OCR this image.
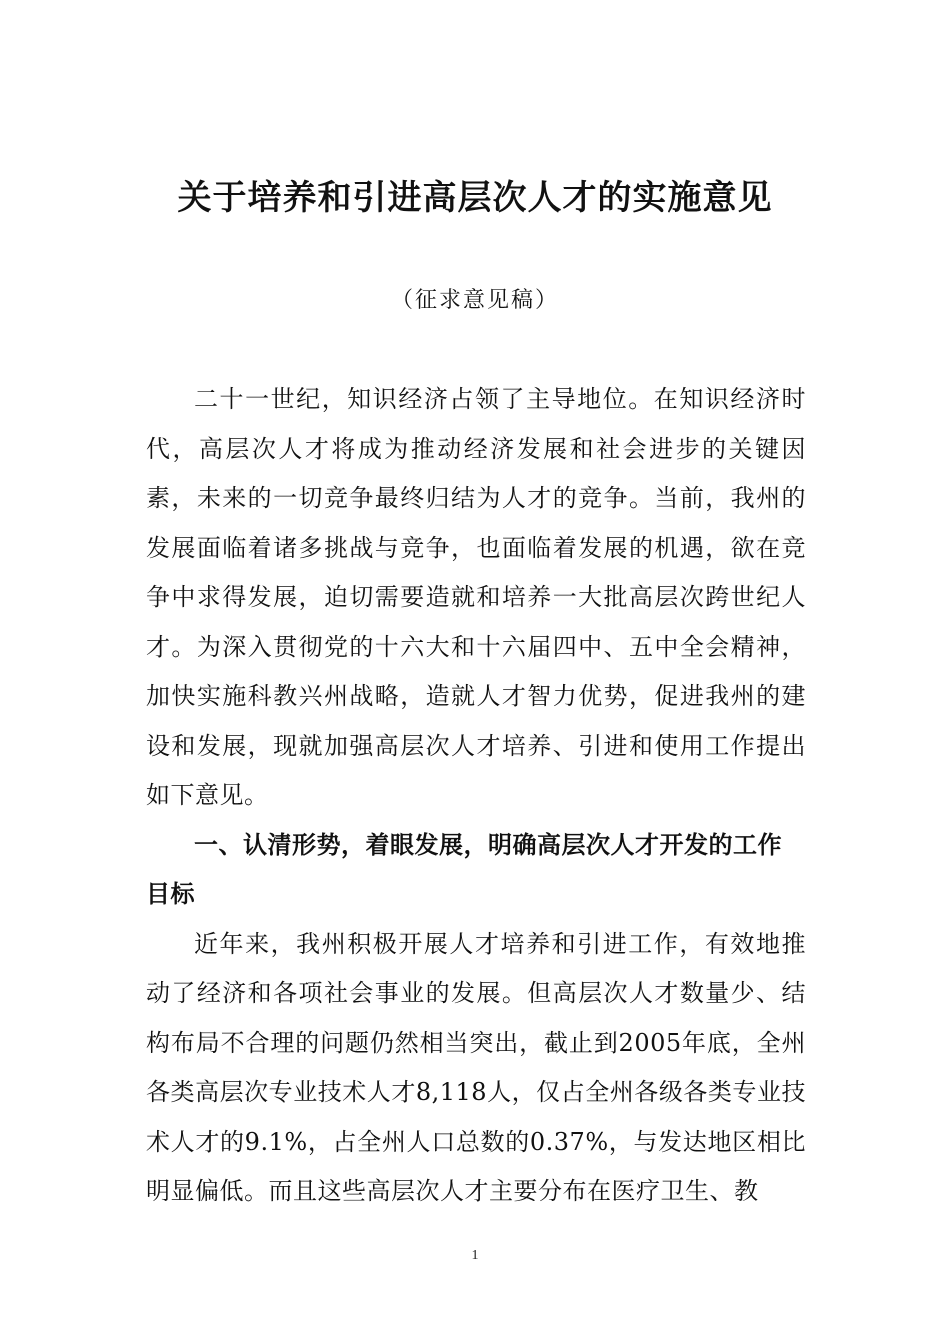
关于培养和引进高层次人才的实施意见
（征求意见稿）

二十一世纪，知识经济占领了主导地位。在知识经济时代，高层次人才将成为推动经济发展和社会进步的关键因素，未来的一切竞争最终归结为人才的竞争。当前，我州的发展面临着诸多挑战与竞争，也面临着发展的机遇，欲在竞争中求得发展，迫切需要造就和培养一大批高层次跨世纪人才。为深入贯彻党的十六大和十六届四中、五中全会精神，加快实施科教兴州战略，造就人才智力优势，促进我州的建设和发展，现就加强高层次人才培养、引进和使用工作提出如下意见。

一、认清形势，着眼发展，明确高层次人才开发的工作目标

近年来，我州积极开展人才培养和引进工作，有效地推动了经济和各项社会事业的发展。但高层次人才数量少、结构布局不合理的问题仍然相当突出，截止到2005年底，全州各类高层次专业技术人才8,118人，仅占全州各级各类专业技术人才的9.1%，占全州人口总数的0.37%，与发达地区相比明显偏低。而且这些高层次人才主要分布在医疗卫生、教

1
